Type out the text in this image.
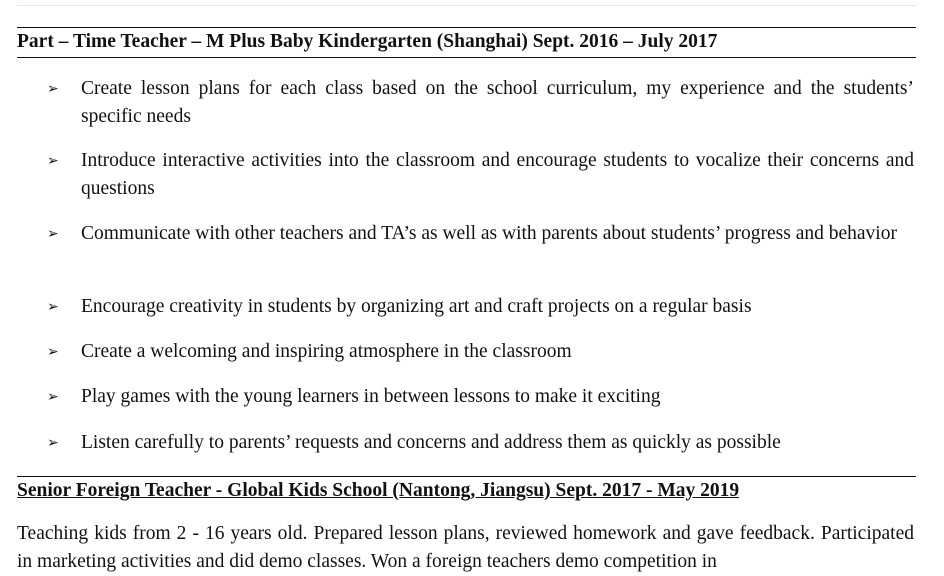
Part – Time Teacher – M Plus Baby Kindergarten (Shanghai) Sept. 2016 – July 2017
➢ Create lesson plans for each class based on the school curriculum, my experience and the students’ specific needs
➢ Introduce interactive activities into the classroom and encourage students to vocalize their concerns and questions
➢ Communicate with other teachers and TA’s as well as with parents about students’ progress and behavior
➢ Encourage creativity in students by organizing art and craft projects on a regular basis
➢ Create a welcoming and inspiring atmosphere in the classroom
➢ Play games with the young learners in between lessons to make it exciting
➢ Listen carefully to parents’ requests and concerns and address them as quickly as possible
Senior Foreign Teacher - Global Kids School (Nantong, Jiangsu) Sept. 2017 - May 2019
Teaching kids from 2 - 16 years old. Prepared lesson plans, reviewed homework and gave feedback. Participated in marketing activities and did demo classes. Won a foreign teachers demo competition in
